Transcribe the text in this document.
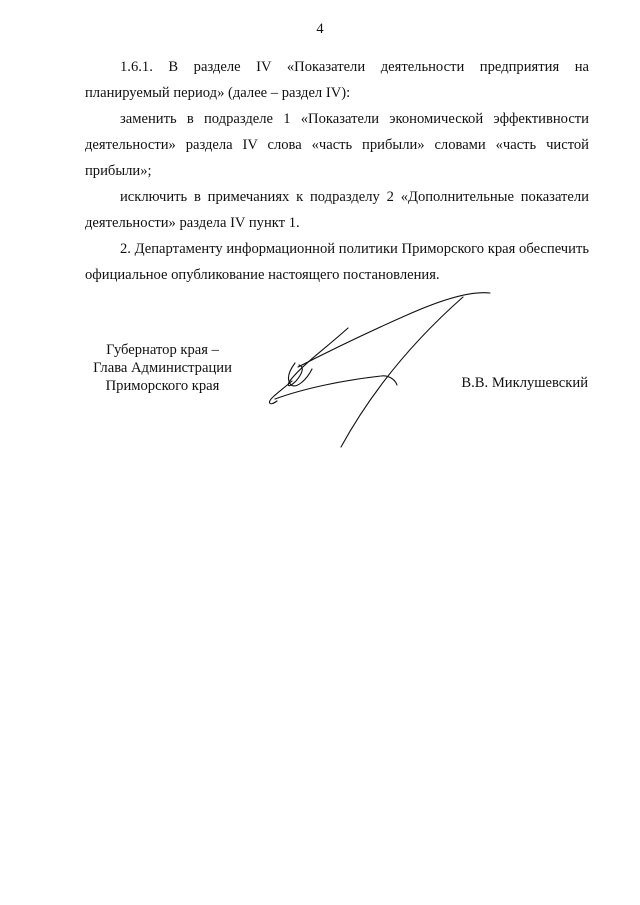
4

1.6.1. В разделе IV «Показатели деятельности предприятия на планируемый период» (далее – раздел IV):

заменить в подразделе 1 «Показатели экономической эффективности деятельности» раздела IV слова «часть прибыли» словами «часть чистой прибыли»;

исключить в примечаниях к подразделу 2 «Дополнительные показатели деятельности» раздела IV пункт 1.

2. Департаменту информационной политики Приморского края обеспечить официальное опубликование настоящего постановления.

Губернатор края –
Глава Администрации
Приморского края	В.В. Миклушевский
